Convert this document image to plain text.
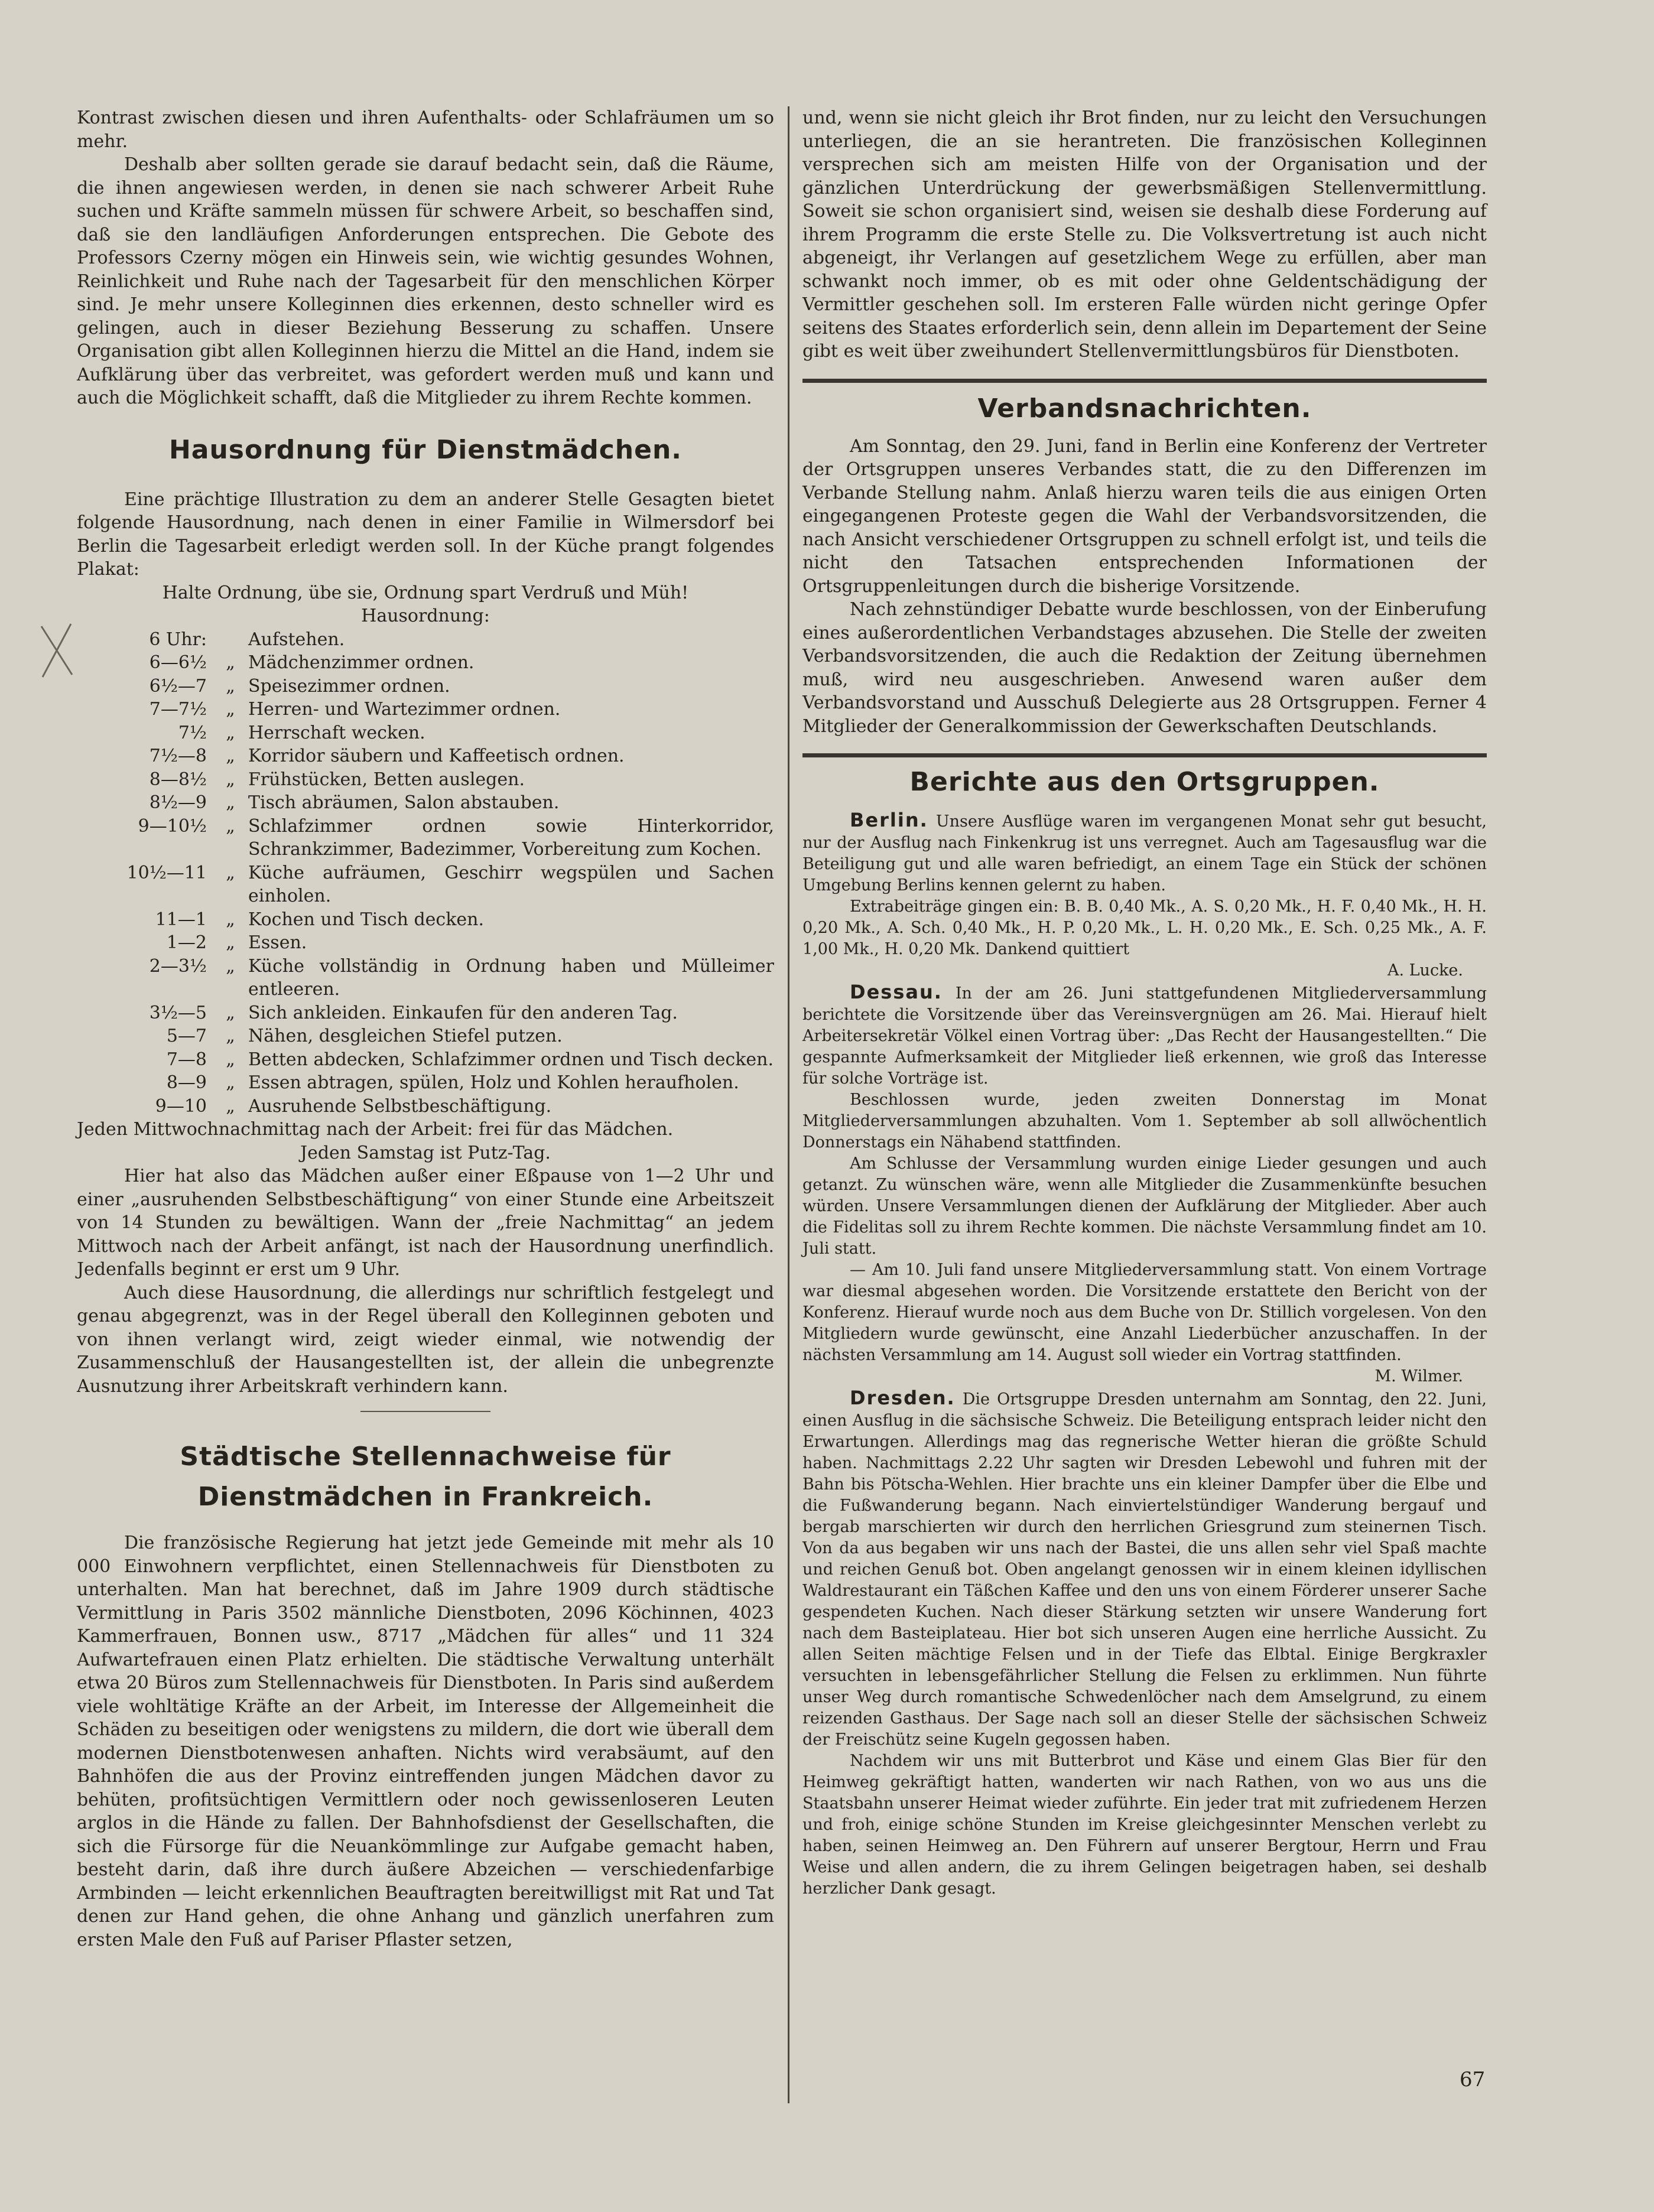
Kontrast zwischen diesen und ihren Aufenthalts- oder Schlafräumen um so mehr.

Deshalb aber sollten gerade sie darauf bedacht sein, daß die Räume, die ihnen angewiesen werden, in denen sie nach schwerer Arbeit Ruhe suchen und Kräfte sammeln müssen für schwere Arbeit, so beschaffen sind, daß sie den landläufigen Anforderungen entsprechen. Die Gebote des Professors Czerny mögen ein Hinweis sein, wie wichtig gesundes Wohnen, Reinlichkeit und Ruhe nach der Tagesarbeit für den menschlichen Körper sind. Je mehr unsere Kolleginnen dies erkennen, desto schneller wird es gelingen, auch in dieser Beziehung Besserung zu schaffen. Unsere Organisation gibt allen Kolleginnen hierzu die Mittel an die Hand, indem sie Aufklärung über das verbreitet, was gefordert werden muß und kann und auch die Möglichkeit schafft, daß die Mitglieder zu ihrem Rechte kommen.

Hausordnung für Dienstmädchen.

Eine prächtige Illustration zu dem an anderer Stelle Gesagten bietet folgende Hausordnung, nach denen in einer Familie in Wilmersdorf bei Berlin die Tagesarbeit erledigt werden soll. In der Küche prangt folgendes Plakat:

Halte Ordnung, übe sie, Ordnung spart Verdruß und Müh!

Hausordnung:

6 Uhr:	Aufstehen.
6—6½	„ Mädchenzimmer ordnen.
6½—7	„ Speisezimmer ordnen.
7—7½	„ Herren- und Wartezimmer ordnen.
7½	„ Herrschaft wecken.
7½—8	„ Korridor säubern und Kaffeetisch ordnen.
8—8½	„ Frühstücken, Betten auslegen.
8½—9	„ Tisch abräumen, Salon abstauben.
9—10½	„ Schlafzimmer ordnen sowie Hinterkorridor, Schrankzimmer, Badezimmer, Vorbereitung zum Kochen.
10½—11	„ Küche aufräumen, Geschirr wegspülen und Sachen einholen.
11—1	„ Kochen und Tisch decken.
1—2	„ Essen.
2—3½	„ Küche vollständig in Ordnung haben und Mülleimer entleeren.
3½—5	„ Sich ankleiden. Einkaufen für den anderen Tag.
5—7	„ Nähen, desgleichen Stiefel putzen.
7—8	„ Betten abdecken, Schlafzimmer ordnen und Tisch decken.
8—9	„ Essen abtragen, spülen, Holz und Kohlen heraufholen.
9—10	„ Ausruhende Selbstbeschäftigung.

Jeden Mittwochnachmittag nach der Arbeit: frei für das Mädchen.

Jeden Samstag ist Putz-Tag.

Hier hat also das Mädchen außer einer Eßpause von 1—2 Uhr und einer „ausruhenden Selbstbeschäftigung“ von einer Stunde eine Arbeitszeit von 14 Stunden zu bewältigen. Wann der „freie Nachmittag“ an jedem Mittwoch nach der Arbeit anfängt, ist nach der Hausordnung unerfindlich. Jedenfalls beginnt er erst um 9 Uhr.

Auch diese Hausordnung, die allerdings nur schriftlich festgelegt und genau abgegrenzt, was in der Regel überall den Kolleginnen geboten und von ihnen verlangt wird, zeigt wieder einmal, wie notwendig der Zusammenschluß der Hausangestellten ist, der allein die unbegrenzte Ausnutzung ihrer Arbeitskraft verhindern kann.

Städtische Stellennachweise für Dienstmädchen in Frankreich.

Die französische Regierung hat jetzt jede Gemeinde mit mehr als 10 000 Einwohnern verpflichtet, einen Stellennachweis für Dienstboten zu unterhalten. Man hat berechnet, daß im Jahre 1909 durch städtische Vermittlung in Paris 3502 männliche Dienstboten, 2096 Köchinnen, 4023 Kammerfrauen, Bonnen usw., 8717 „Mädchen für alles“ und 11 324 Aufwartefrauen einen Platz erhielten. Die städtische Verwaltung unterhält etwa 20 Büros zum Stellennachweis für Dienstboten. In Paris sind außerdem viele wohltätige Kräfte an der Arbeit, im Interesse der Allgemeinheit die Schäden zu beseitigen oder wenigstens zu mildern, die dort wie überall dem modernen Dienstbotenwesen anhaften. Nichts wird verabsäumt, auf den Bahnhöfen die aus der Provinz eintreffenden jungen Mädchen davor zu behüten, profitsüchtigen Vermittlern oder noch gewissenloseren Leuten arglos in die Hände zu fallen. Der Bahnhofsdienst der Gesellschaften, die sich die Fürsorge für die Neuankömmlinge zur Aufgabe gemacht haben, besteht darin, daß ihre durch äußere Abzeichen — verschiedenfarbige Armbinden — leicht erkennlichen Beauftragten bereitwilligst mit Rat und Tat denen zur Hand gehen, die ohne Anhang und gänzlich unerfahren zum ersten Male den Fuß auf Pariser Pflaster setzen,

und, wenn sie nicht gleich ihr Brot finden, nur zu leicht den Versuchungen unterliegen, die an sie herantreten. Die französischen Kolleginnen versprechen sich am meisten Hilfe von der Organisation und der gänzlichen Unterdrückung der gewerbsmäßigen Stellenvermittlung. Soweit sie schon organisiert sind, weisen sie deshalb diese Forderung auf ihrem Programm die erste Stelle zu. Die Volksvertretung ist auch nicht abgeneigt, ihr Verlangen auf gesetzlichem Wege zu erfüllen, aber man schwankt noch immer, ob es mit oder ohne Geldentschädigung der Vermittler geschehen soll. Im ersteren Falle würden nicht geringe Opfer seitens des Staates erforderlich sein, denn allein im Departement der Seine gibt es weit über zweihundert Stellenvermittlungsbüros für Dienstboten.

Verbandsnachrichten.

Am Sonntag, den 29. Juni, fand in Berlin eine Konferenz der Vertreter der Ortsgruppen unseres Verbandes statt, die zu den Differenzen im Verbande Stellung nahm. Anlaß hierzu waren teils die aus einigen Orten eingegangenen Proteste gegen die Wahl der Verbandsvorsitzenden, die nach Ansicht verschiedener Ortsgruppen zu schnell erfolgt ist, und teils die nicht den Tatsachen entsprechenden Informationen der Ortsgruppenleitungen durch die bisherige Vorsitzende.

Nach zehnstündiger Debatte wurde beschlossen, von der Einberufung eines außerordentlichen Verbandstages abzusehen. Die Stelle der zweiten Verbandsvorsitzenden, die auch die Redaktion der Zeitung übernehmen muß, wird neu ausgeschrieben. Anwesend waren außer dem Verbandsvorstand und Ausschuß Delegierte aus 28 Ortsgruppen. Ferner 4 Mitglieder der Generalkommission der Gewerkschaften Deutschlands.

Berichte aus den Ortsgruppen.

Berlin. Unsere Ausflüge waren im vergangenen Monat sehr gut besucht, nur der Ausflug nach Finkenkrug ist uns verregnet. Auch am Tagesausflug war die Beteiligung gut und alle waren befriedigt, an einem Tage ein Stück der schönen Umgebung Berlins kennen gelernt zu haben.

Extrabeiträge gingen ein: B. B. 0,40 Mk., A. S. 0,20 Mk., H. F. 0,40 Mk., H. H. 0,20 Mk., A. Sch. 0,40 Mk., H. P. 0,20 Mk., L. H. 0,20 Mk., E. Sch. 0,25 Mk., A. F. 1,00 Mk., H. 0,20 Mk. Dankend quittiert

A. Lucke.

Dessau. In der am 26. Juni stattgefundenen Mitgliederversammlung berichtete die Vorsitzende über das Vereinsvergnügen am 26. Mai. Hierauf hielt Arbeitersekretär Völkel einen Vortrag über: „Das Recht der Hausangestellten.“ Die gespannte Aufmerksamkeit der Mitglieder ließ erkennen, wie groß das Interesse für solche Vorträge ist.

Beschlossen wurde, jeden zweiten Donnerstag im Monat Mitgliederversammlungen abzuhalten. Vom 1. September ab soll allwöchentlich Donnerstags ein Nähabend stattfinden.

Am Schlusse der Versammlung wurden einige Lieder gesungen und auch getanzt. Zu wünschen wäre, wenn alle Mitglieder die Zusammenkünfte besuchen würden. Unsere Versammlungen dienen der Aufklärung der Mitglieder. Aber auch die Fidelitas soll zu ihrem Rechte kommen. Die nächste Versammlung findet am 10. Juli statt.

— Am 10. Juli fand unsere Mitgliederversammlung statt. Von einem Vortrage war diesmal abgesehen worden. Die Vorsitzende erstattete den Bericht von der Konferenz. Hierauf wurde noch aus dem Buche von Dr. Stillich vorgelesen. Von den Mitgliedern wurde gewünscht, eine Anzahl Liederbücher anzuschaffen. In der nächsten Versammlung am 14. August soll wieder ein Vortrag stattfinden.

M. Wilmer.

Dresden. Die Ortsgruppe Dresden unternahm am Sonntag, den 22. Juni, einen Ausflug in die sächsische Schweiz. Die Beteiligung entsprach leider nicht den Erwartungen. Allerdings mag das regnerische Wetter hieran die größte Schuld haben. Nachmittags 2.22 Uhr sagten wir Dresden Lebewohl und fuhren mit der Bahn bis Pötscha-Wehlen. Hier brachte uns ein kleiner Dampfer über die Elbe und die Fußwanderung begann. Nach einviertelstündiger Wanderung bergauf und bergab marschierten wir durch den herrlichen Griesgrund zum steinernen Tisch. Von da aus begaben wir uns nach der Bastei, die uns allen sehr viel Spaß machte und reichen Genuß bot. Oben angelangt genossen wir in einem kleinen idyllischen Waldrestaurant ein Täßchen Kaffee und den uns von einem Förderer unserer Sache gespendeten Kuchen. Nach dieser Stärkung setzten wir unsere Wanderung fort nach dem Basteiplateau. Hier bot sich unseren Augen eine herrliche Aussicht. Zu allen Seiten mächtige Felsen und in der Tiefe das Elbtal. Einige Bergkraxler versuchten in lebensgefährlicher Stellung die Felsen zu erklimmen. Nun führte unser Weg durch romantische Schwedenlöcher nach dem Amselgrund, zu einem reizenden Gasthaus. Der Sage nach soll an dieser Stelle der sächsischen Schweiz der Freischütz seine Kugeln gegossen haben.

Nachdem wir uns mit Butterbrot und Käse und einem Glas Bier für den Heimweg gekräftigt hatten, wanderten wir nach Rathen, von wo aus uns die Staatsbahn unserer Heimat wieder zuführte. Ein jeder trat mit zufriedenem Herzen und froh, einige schöne Stunden im Kreise gleichgesinnter Menschen verlebt zu haben, seinen Heimweg an. Den Führern auf unserer Bergtour, Herrn und Frau Weise und allen andern, die zu ihrem Gelingen beigetragen haben, sei deshalb herzlicher Dank gesagt.

67
